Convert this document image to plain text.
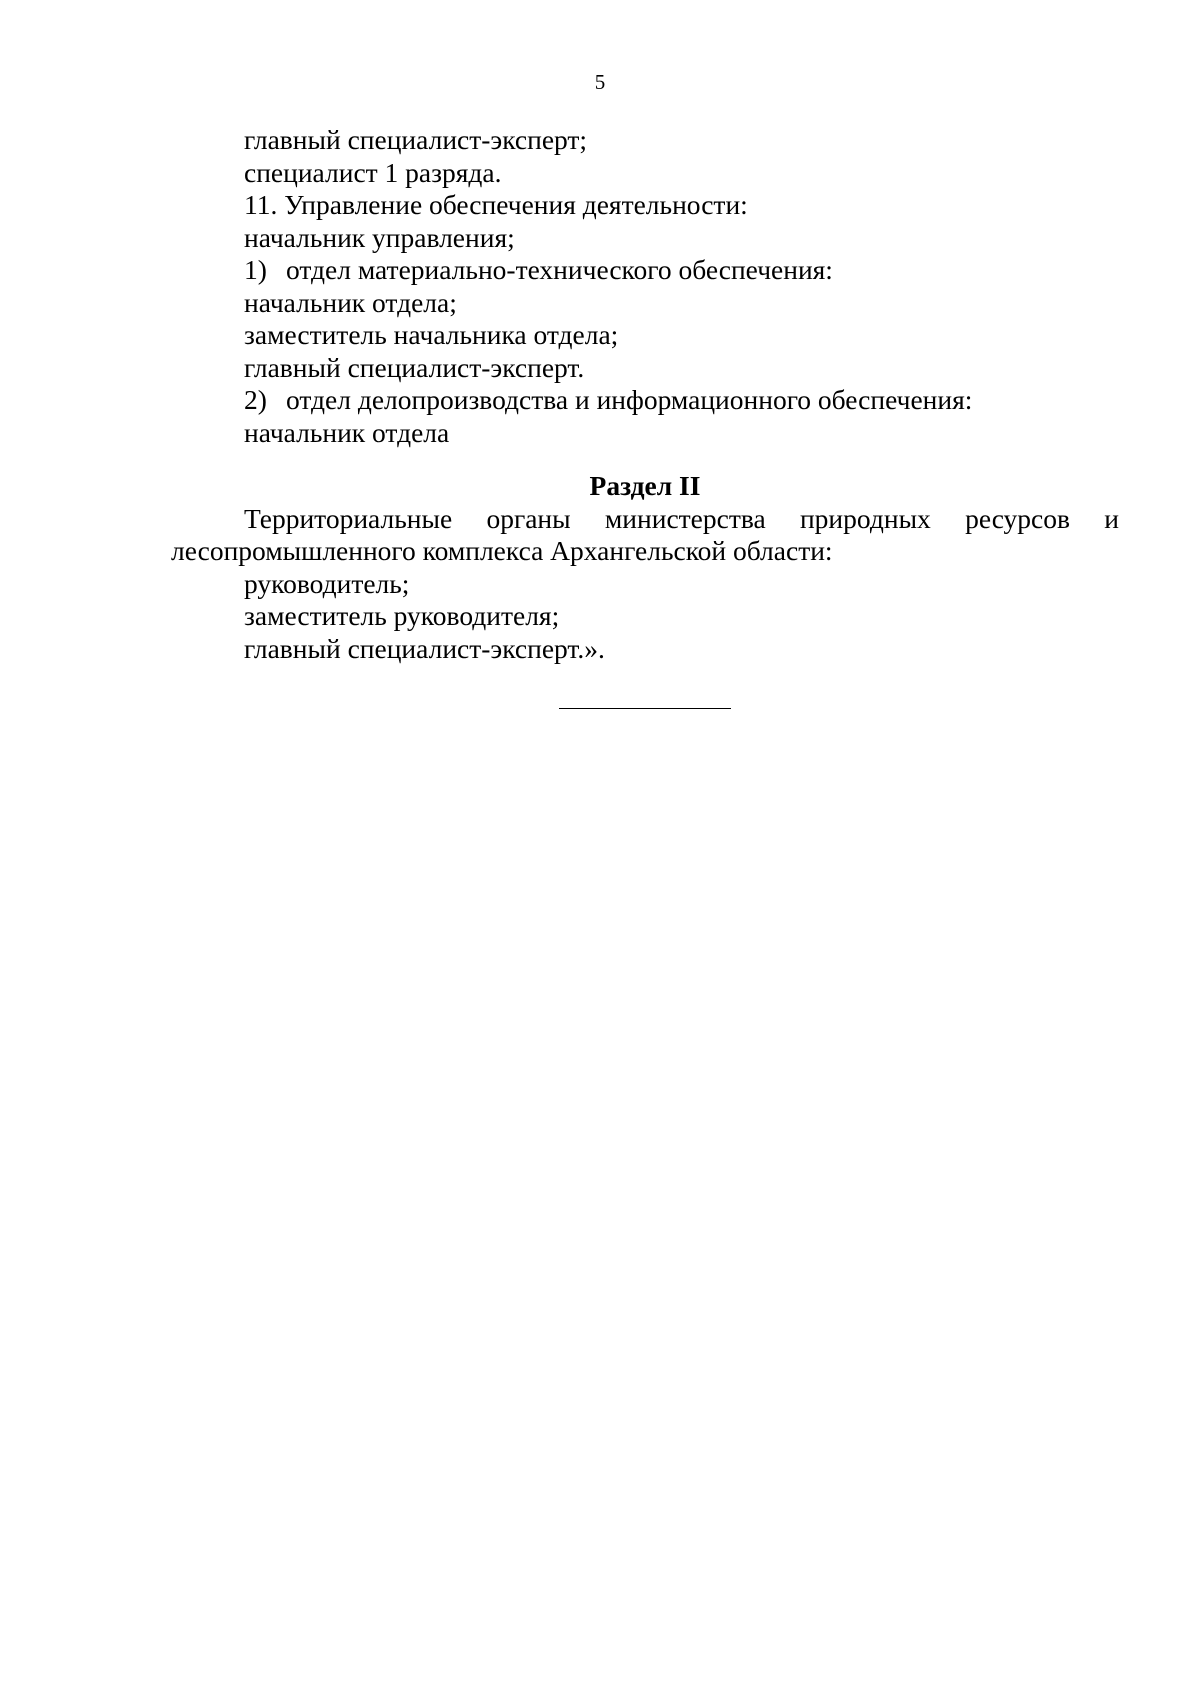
5
главный специалист-эксперт;
специалист 1 разряда.
11. Управление обеспечения деятельности:
начальник управления;
1) отдел материально-технического обеспечения:
начальник отдела;
заместитель начальника отдела;
главный специалист-эксперт.
2) отдел делопроизводства и информационного обеспечения:
начальник отдела
Раздел II
Территориальные органы министерства природных ресурсов и лесопромышленного комплекса Архангельской области:
руководитель;
заместитель руководителя;
главный специалист-эксперт.».
